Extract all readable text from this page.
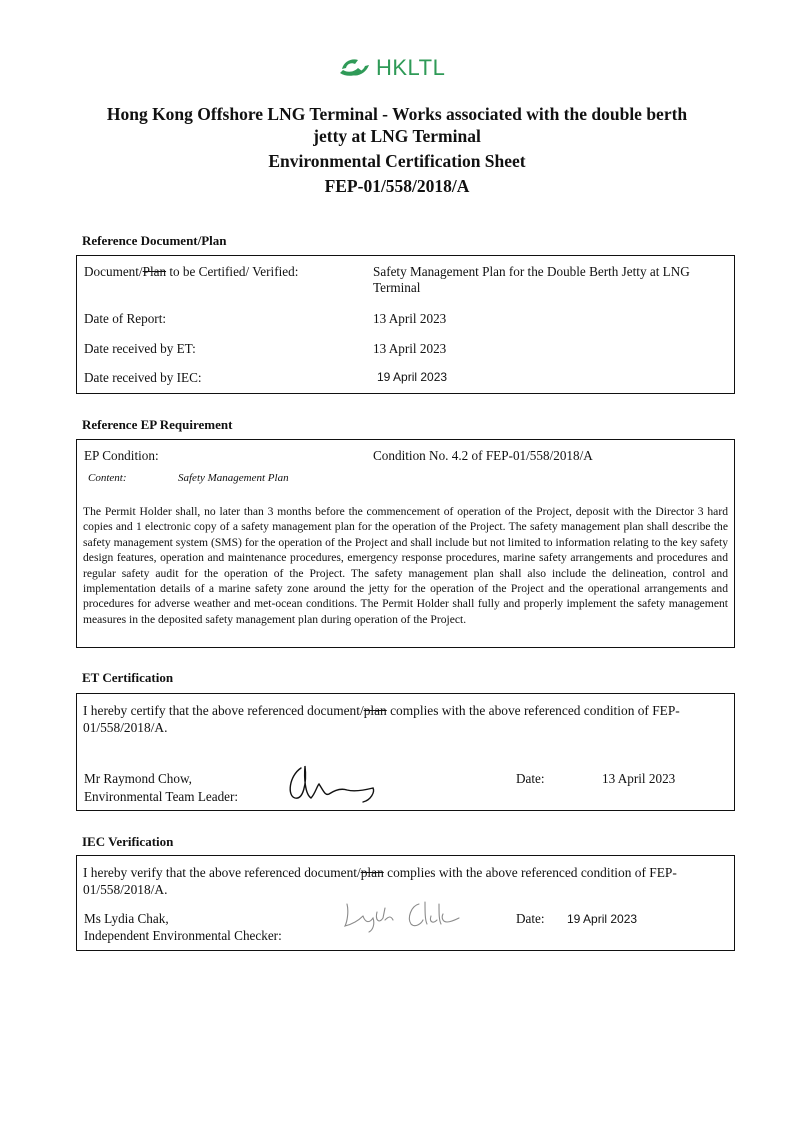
HKLTL
Hong Kong Offshore LNG Terminal - Works associated with the double berth
jetty at LNG Terminal
Environmental Certification Sheet
FEP-01/558/2018/A
Reference Document/Plan
Document/Plan to be Certified/ Verified:	Safety Management Plan for the Double Berth Jetty at LNG Terminal
Date of Report:	13 April 2023
Date received by ET:	13 April 2023
Date received by IEC:	19 April 2023
Reference EP Requirement
EP Condition:	Condition No. 4.2 of FEP-01/558/2018/A
Content:	Safety Management Plan
The Permit Holder shall, no later than 3 months before the commencement of operation of the Project, deposit with the Director 3 hard copies and 1 electronic copy of a safety management plan for the operation of the Project. The safety management plan shall describe the safety management system (SMS) for the operation of the Project and shall include but not limited to information relating to the key safety design features, operation and maintenance procedures, emergency response procedures, marine safety arrangements and procedures and regular safety audit for the operation of the Project. The safety management plan shall also include the delineation, control and implementation details of a marine safety zone around the jetty for the operation of the Project and the operational arrangements and procedures for adverse weather and met-ocean conditions. The Permit Holder shall fully and properly implement the safety management measures in the deposited safety management plan during operation of the Project.
ET Certification
I hereby certify that the above referenced document/plan complies with the above referenced condition of FEP-01/558/2018/A.
Mr Raymond Chow,
Environmental Team Leader:
Date:	13 April 2023
IEC Verification
I hereby verify that the above referenced document/plan complies with the above referenced condition of FEP-01/558/2018/A.
Ms Lydia Chak,
Independent Environmental Checker:
Date: 19 April 2023
